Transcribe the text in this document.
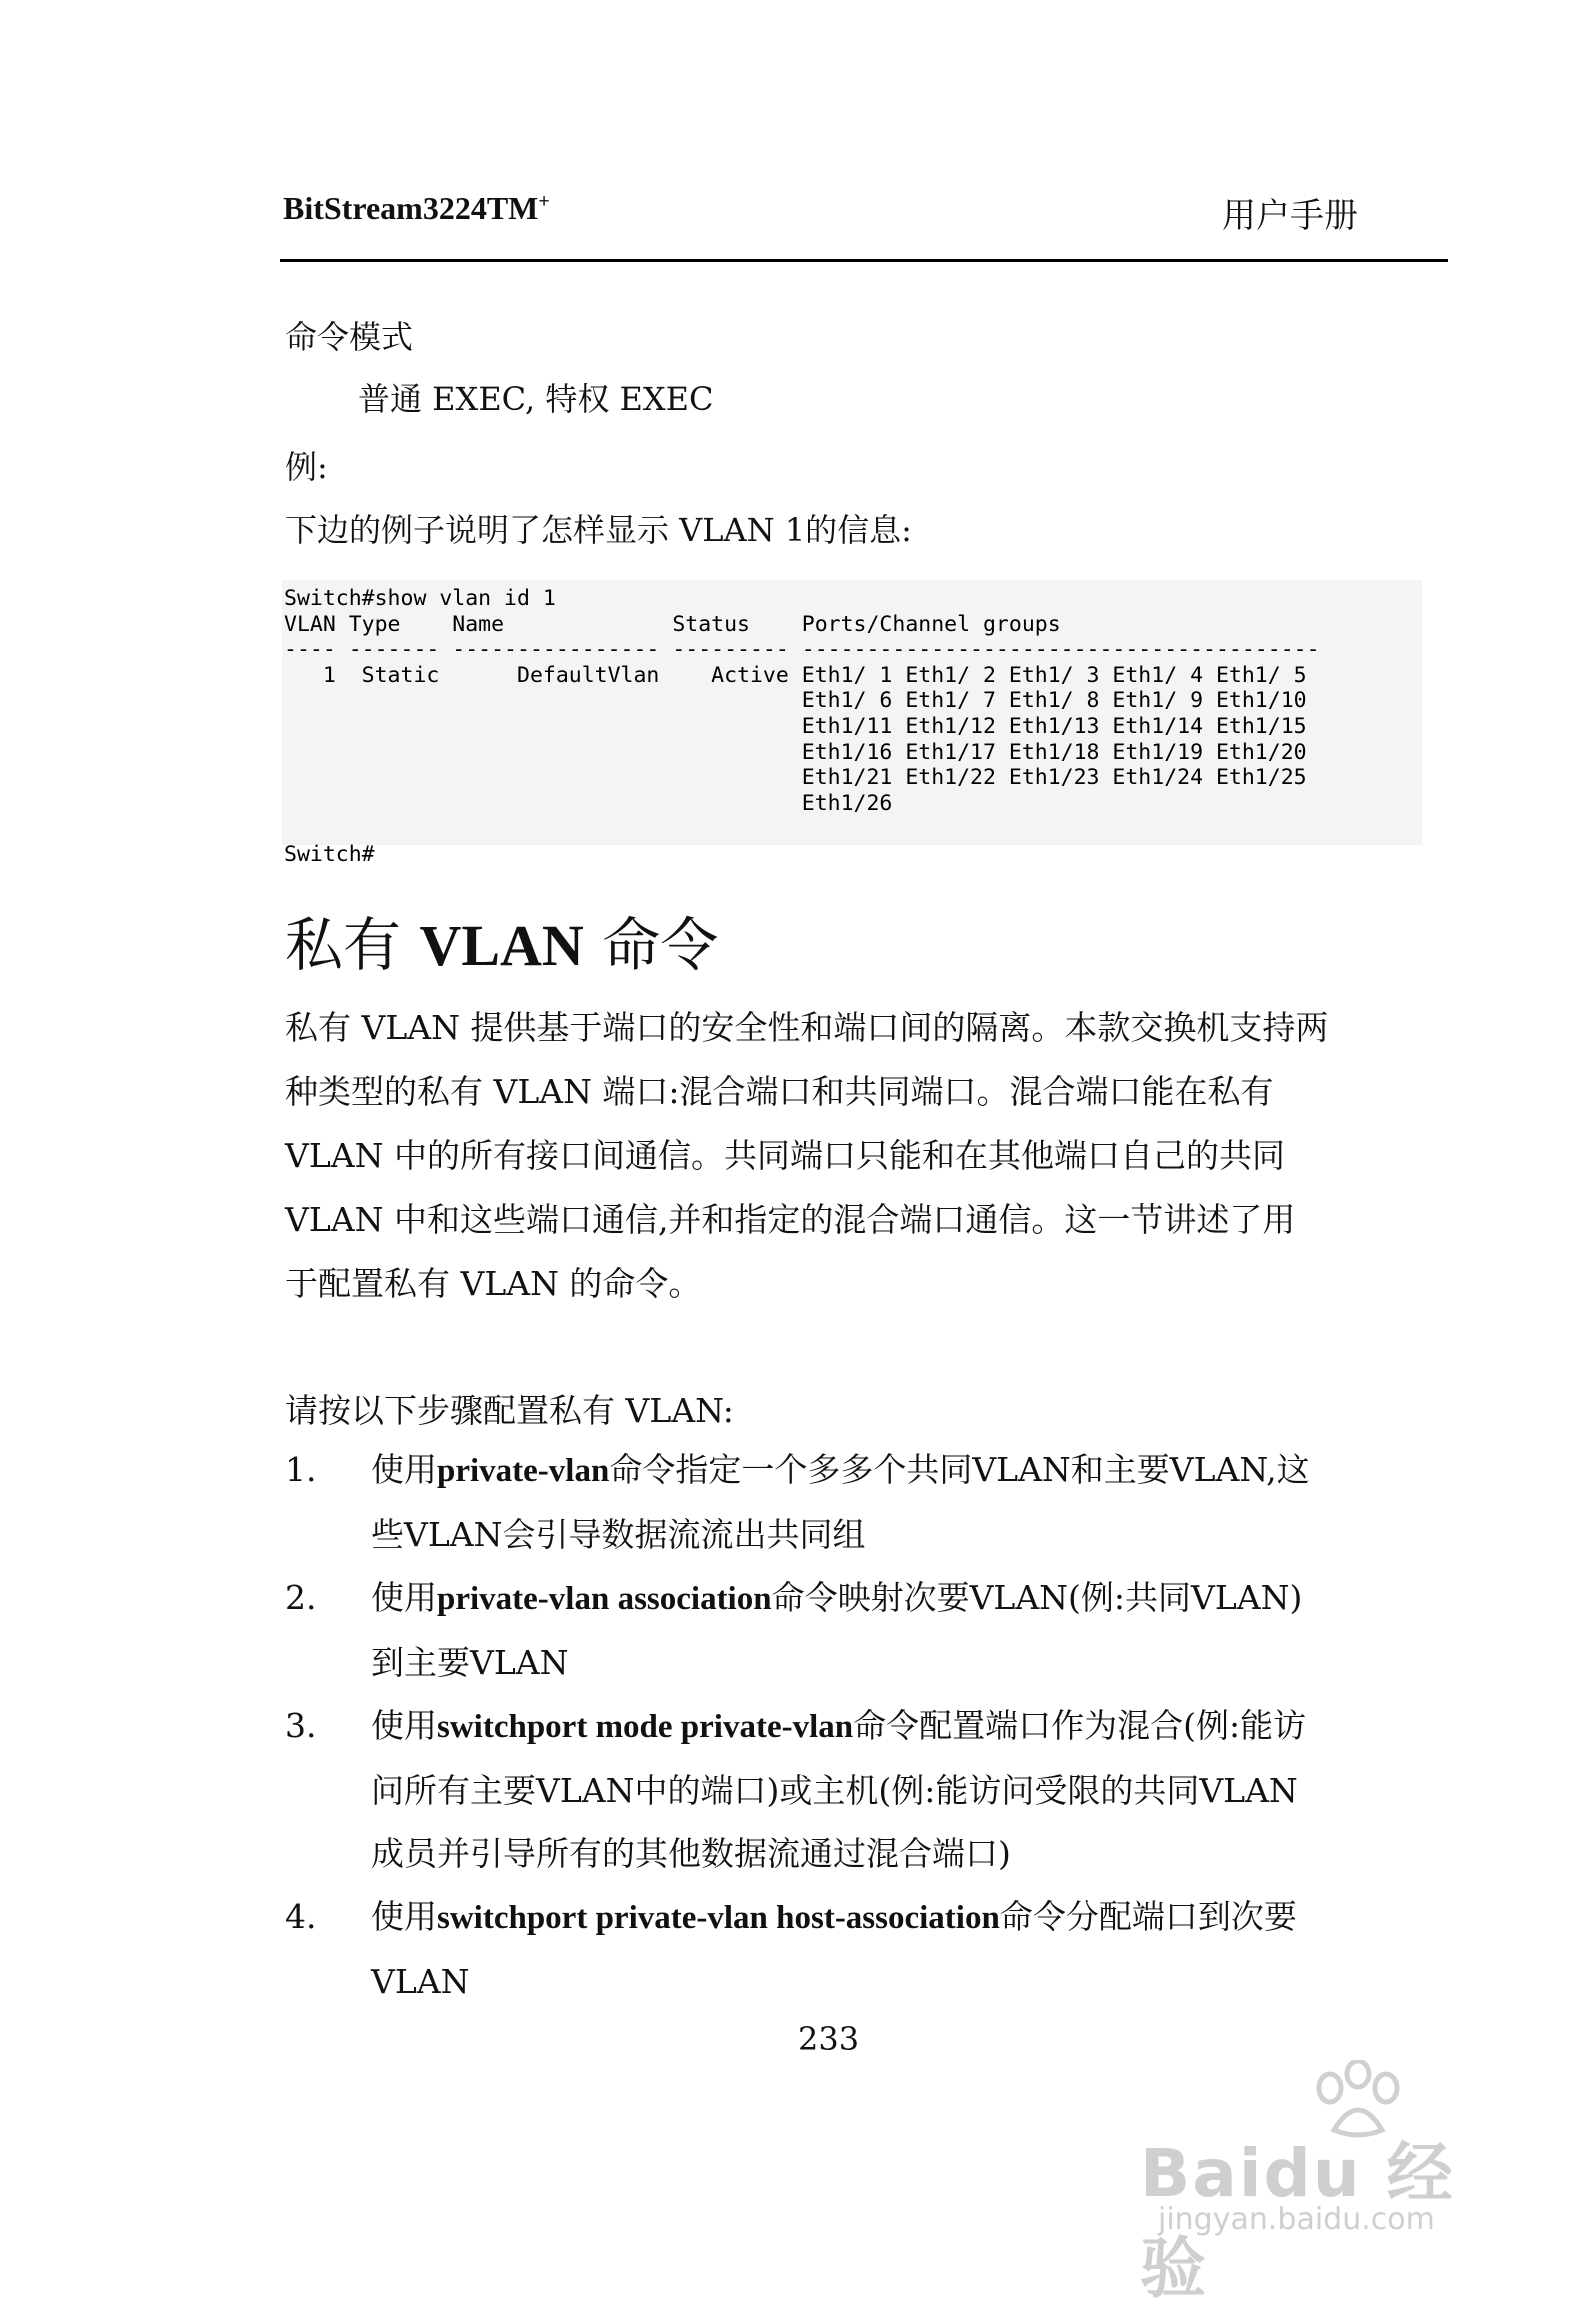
BitStream3224TM+	用户手册
命令模式
普通 EXEC, 特权 EXEC
例:
下边的例子说明了怎样显示 VLAN 1的信息:
Switch#show vlan id 1
VLAN Type    Name             Status    Ports/Channel groups
---- ------- ---------------- --------- ----------------------------------------
1  Static      DefaultVlan    Active Eth1/ 1 Eth1/ 2 Eth1/ 3 Eth1/ 4 Eth1/ 5
Eth1/ 6 Eth1/ 7 Eth1/ 8 Eth1/ 9 Eth1/10
Eth1/11 Eth1/12 Eth1/13 Eth1/14 Eth1/15
Eth1/16 Eth1/17 Eth1/18 Eth1/19 Eth1/20
Eth1/21 Eth1/22 Eth1/23 Eth1/24 Eth1/25
Eth1/26

Switch#
私有 VLAN 命令
私有 VLAN 提供基于端口的安全性和端口间的隔离。本款交换机支持两
种类型的私有 VLAN 端口:混合端口和共同端口。混合端口能在私有
VLAN 中的所有接口间通信。共同端口只能和在其他端口自己的共同
VLAN 中和这些端口通信,并和指定的混合端口通信。这一节讲述了用
于配置私有 VLAN 的命令。
请按以下步骤配置私有 VLAN:
1.	使用private-vlan命令指定一个多多个共同VLAN和主要VLAN,这
些VLAN会引导数据流流出共同组
2.	使用private-vlan association命令映射次要VLAN(例:共同VLAN)
到主要VLAN
3.	使用switchport mode private-vlan命令配置端口作为混合(例:能访
问所有主要VLAN中的端口)或主机(例:能访问受限的共同VLAN
成员并引导所有的其他数据流通过混合端口)
4.	使用switchport private-vlan host-association命令分配端口到次要
VLAN
233
Baidu 经验
jingyan.baidu.com
